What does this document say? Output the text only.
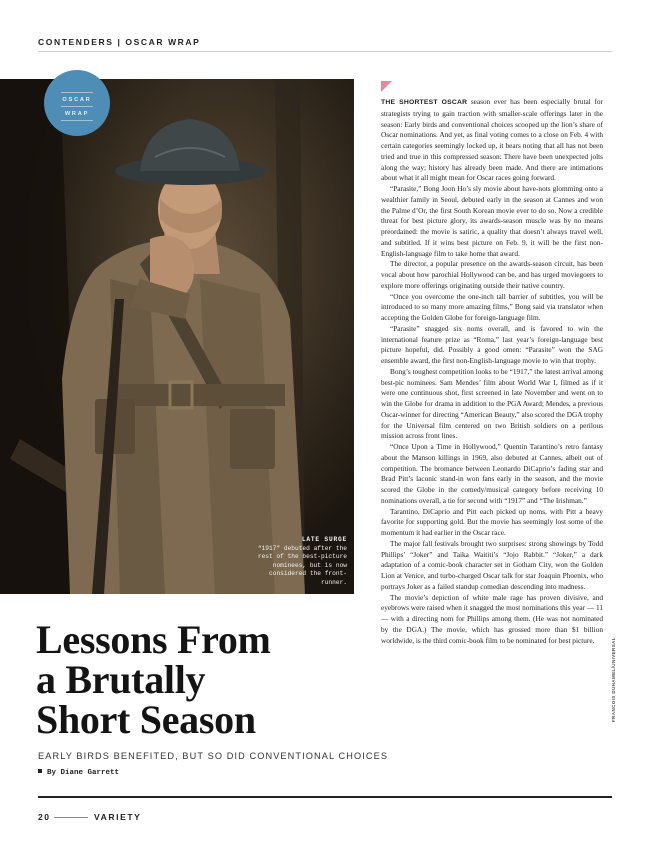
CONTENDERS | OSCAR WRAP
OSCAR
WRAP
LATE SURGE
“1917” debuted after the rest of the best-picture nominees, but is now considered the front-runner.
Lessons From
a Brutally
Short Season
EARLY BIRDS BENEFITED, BUT SO DID CONVENTIONAL CHOICES
By Diane Garrett

THE SHORTEST OSCAR season ever has been especially brutal for strategists trying to gain traction with smaller-scale offerings later in the season: Early birds and conventional choices scooped up the lion’s share of Oscar nominations. And yet, as final voting comes to a close on Feb. 4 with certain categories seemingly locked up, it bears noting that all has not been tried and true in this compressed season: There have been unexpected jolts along the way; history has already been made. And there are intimations about what it all might mean for Oscar races going forward.

“Parasite,” Bong Joon Ho’s sly movie about have-nots glomming onto a wealthier family in Seoul, debuted early in the season at Cannes and won the Palme d’Or, the first South Korean movie ever to do so. Now a credible threat for best picture glory, its awards-season muscle was by no means preordained: the movie is satiric, a quality that doesn’t always travel well, and subtitled. If it wins best picture on Feb. 9, it will be the first non-English-language film to take home that award.

The director, a popular presence on the awards-season circuit, has been vocal about how parochial Hollywood can be, and has urged moviegoers to explore more offerings originating outside their native country.

“Once you overcome the one-inch tall barrier of subtitles, you will be introduced to so many more amazing films,” Bong said via translator when accepting the Golden Globe for foreign-language film.

“Parasite” snagged six noms overall, and is favored to win the international feature prize as “Roma,” last year’s foreign-language best picture hopeful, did. Possibly a good omen: “Parasite” won the SAG ensemble award, the first non-English-language movie to win that trophy.

Bong’s toughest competition looks to be “1917,” the latest arrival among best-pic nominees. Sam Mendes’ film about World War I, filmed as if it were one continuous shot, first screened in late November and went on to win the Globe for drama in addition to the PGA Award; Mendes, a previous Oscar-winner for directing “American Beauty,” also scored the DGA trophy for the Universal film centered on two British soldiers on a perilous mission across front lines.

“Once Upon a Time in Hollywood,” Quentin Tarantino’s retro fantasy about the Manson killings in 1969, also debuted at Cannes, albeit out of competition. The bromance between Leonardo DiCaprio’s fading star and Brad Pitt’s laconic stand-in won fans early in the season, and the movie scored the Globe in the comedy/musical category before receiving 10 nominations overall, a tie for second with “1917” and “The Irishman.”

Tarantino, DiCaprio and Pitt each picked up noms, with Pitt a heavy favorite for supporting gold. But the movie has seemingly lost some of the momentum it had earlier in the Oscar race.

The major fall festivals brought two surprises: strong showings by Todd Phillips’ “Joker” and Taika Waititi’s “Jojo Rabbit.” “Joker,” a dark adaptation of a comic-book character set in Gotham City, won the Golden Lion at Venice, and turbo-charged Oscar talk for star Joaquin Phoenix, who portrays Joker as a failed standup comedian descending into madness.

The movie’s depiction of white male rage has proven divisive, and eyebrows were raised when it snagged the most nominations this year — 11 — with a directing nom for Phillips among them. (He was not nominated by the DGA.) The movie, which has grossed more than $1 billion worldwide, is the third comic-book film to be nominated for best picture,	FRANCOIS DUHAMEL/UNIVERSAL
20	VARIETY
